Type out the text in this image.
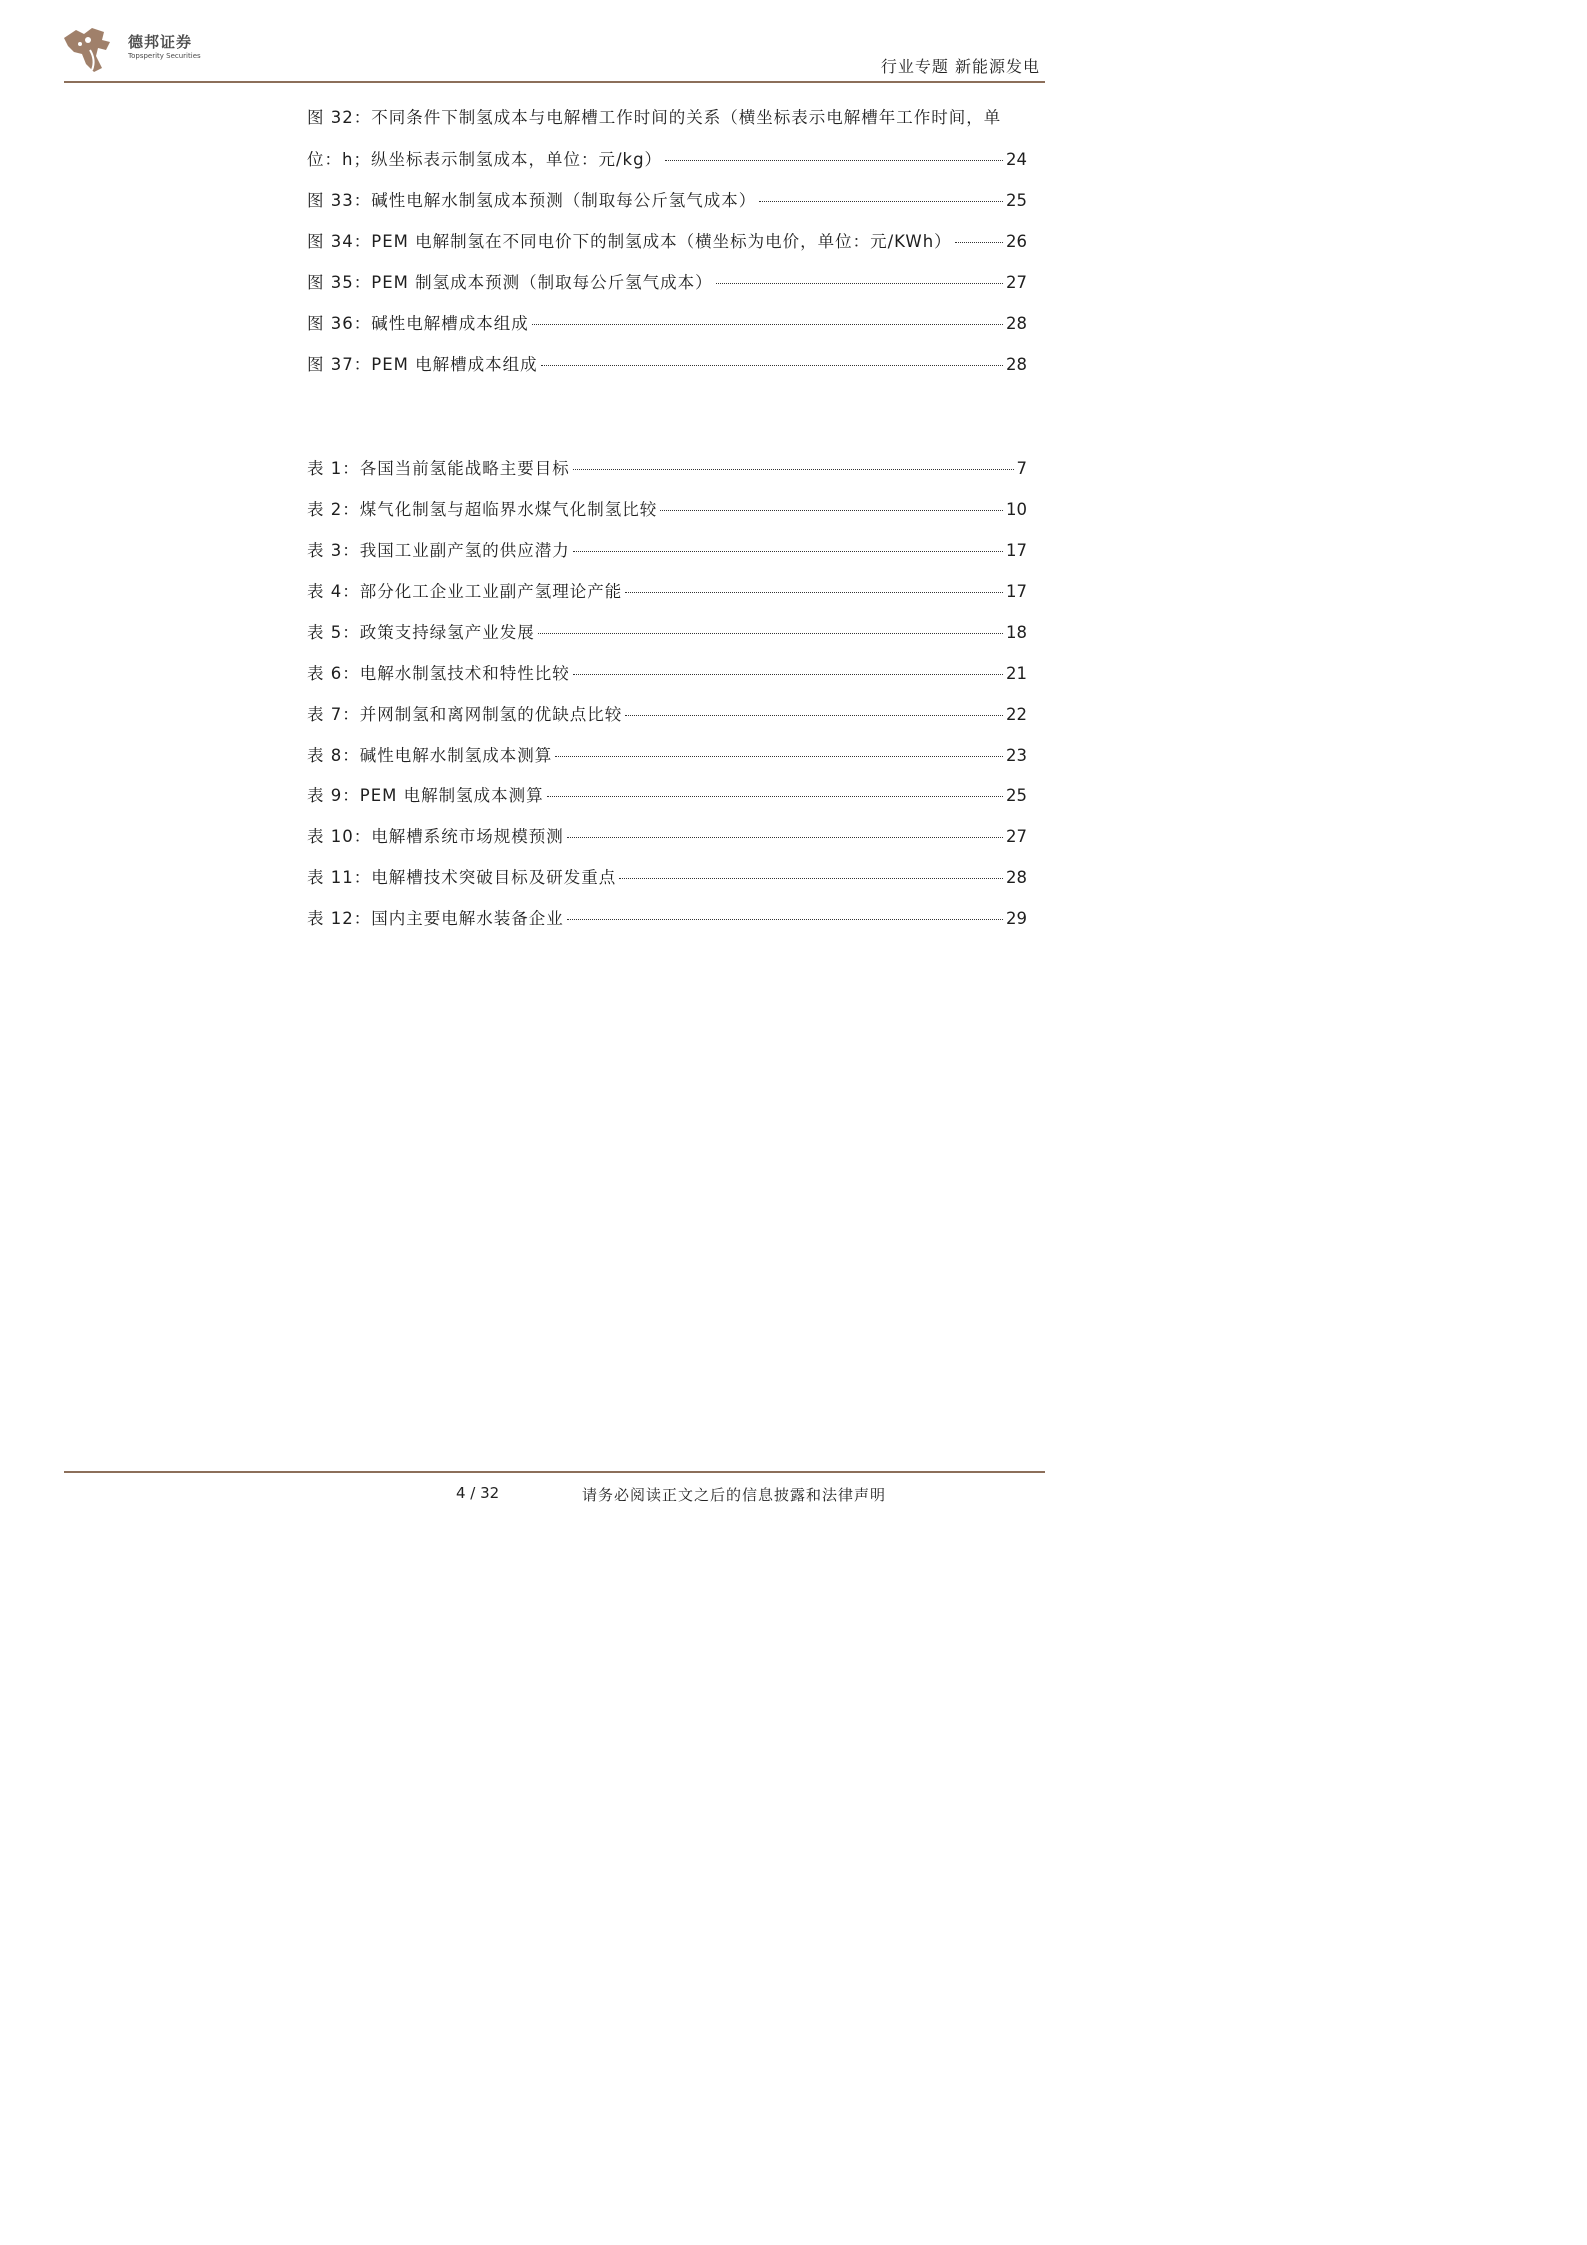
德邦证券
Topsperity Securities
行业专题 新能源发电
图 32：不同条件下制氢成本与电解槽工作时间的关系（横坐标表示电解槽年工作时间，单
位：h；纵坐标表示制氢成本，单位：元/kg）	24
图 33：碱性电解水制氢成本预测（制取每公斤氢气成本）	25
图 34：PEM 电解制氢在不同电价下的制氢成本（横坐标为电价，单位：元/KWh）	26
图 35：PEM 制氢成本预测（制取每公斤氢气成本）	27
图 36：碱性电解槽成本组成	28
图 37：PEM 电解槽成本组成	28
表 1：各国当前氢能战略主要目标	7
表 2：煤气化制氢与超临界水煤气化制氢比较	10
表 3：我国工业副产氢的供应潜力	17
表 4：部分化工企业工业副产氢理论产能	17
表 5：政策支持绿氢产业发展	18
表 6：电解水制氢技术和特性比较	21
表 7：并网制氢和离网制氢的优缺点比较	22
表 8：碱性电解水制氢成本测算	23
表 9：PEM 电解制氢成本测算	25
表 10：电解槽系统市场规模预测	27
表 11：电解槽技术突破目标及研发重点	28
表 12：国内主要电解水装备企业	29
4 / 32	请务必阅读正文之后的信息披露和法律声明
